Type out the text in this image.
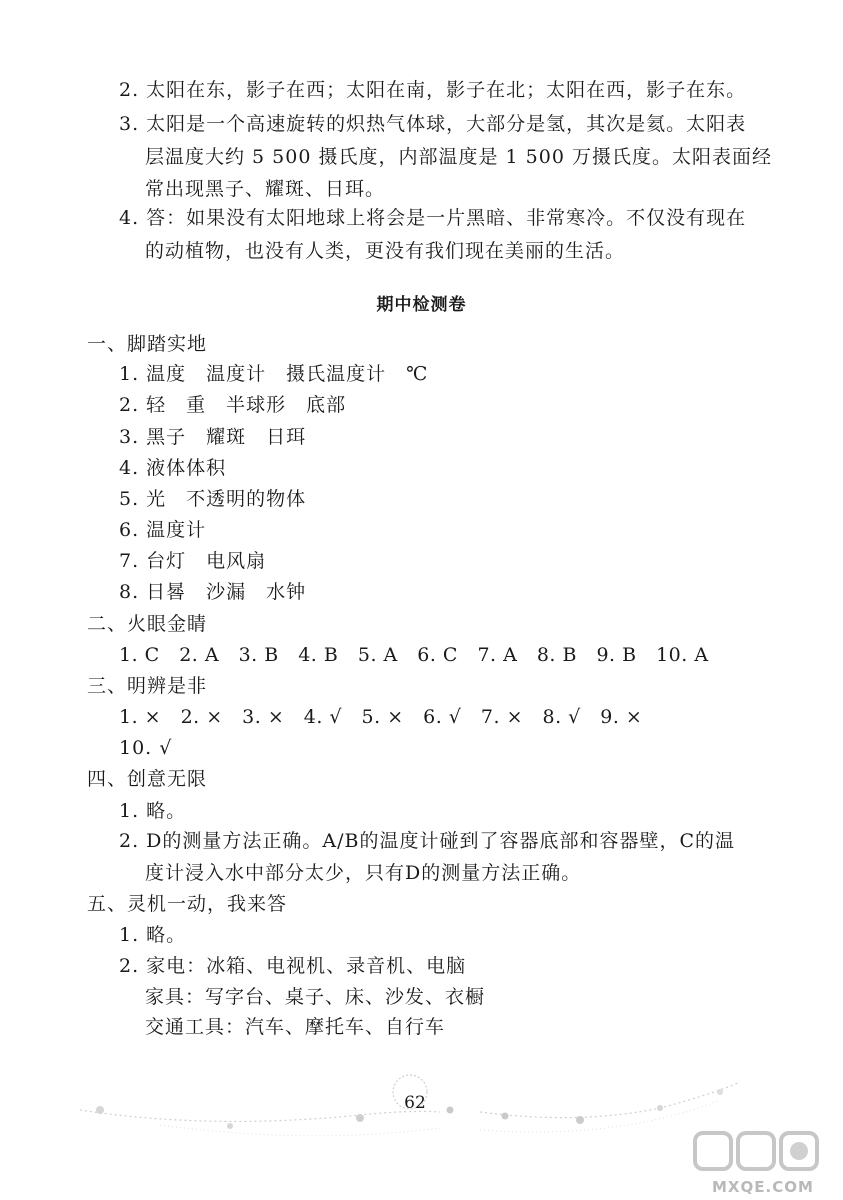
2. 太阳在东，影子在西；太阳在南，影子在北；太阳在西，影子在东。
3. 太阳是一个高速旋转的炽热气体球，大部分是氢，其次是氦。太阳表
层温度大约 5 500 摄氏度，内部温度是 1 500 万摄氏度。太阳表面经
常出现黑子、耀斑、日珥。
4. 答：如果没有太阳地球上将会是一片黑暗、非常寒冷。不仅没有现在
的动植物，也没有人类，更没有我们现在美丽的生活。
期中检测卷
一、脚踏实地
1. 温度　温度计　摄氏温度计　℃
2. 轻　重　半球形　底部
3. 黑子　耀斑　日珥
4. 液体体积
5. 光　不透明的物体
6. 温度计
7. 台灯　电风扇
8. 日晷　沙漏　水钟
二、火眼金睛
1. C　2. A　3. B　4. B　5. A　6. C　7. A　8. B　9. B　10. A
三、明辨是非
1. ×　2. ×　3. ×　4. √　5. ×　6. √　7. ×　8. √　9. ×
10. √
四、创意无限
1. 略。
2. D的测量方法正确。A/B的温度计碰到了容器底部和容器壁，C的温
度计浸入水中部分太少，只有D的测量方法正确。
五、灵机一动，我来答
1. 略。
2. 家电：冰箱、电视机、录音机、电脑
家具：写字台、桌子、床、沙发、衣橱
交通工具：汽车、摩托车、自行车
62
MXQE.COM
